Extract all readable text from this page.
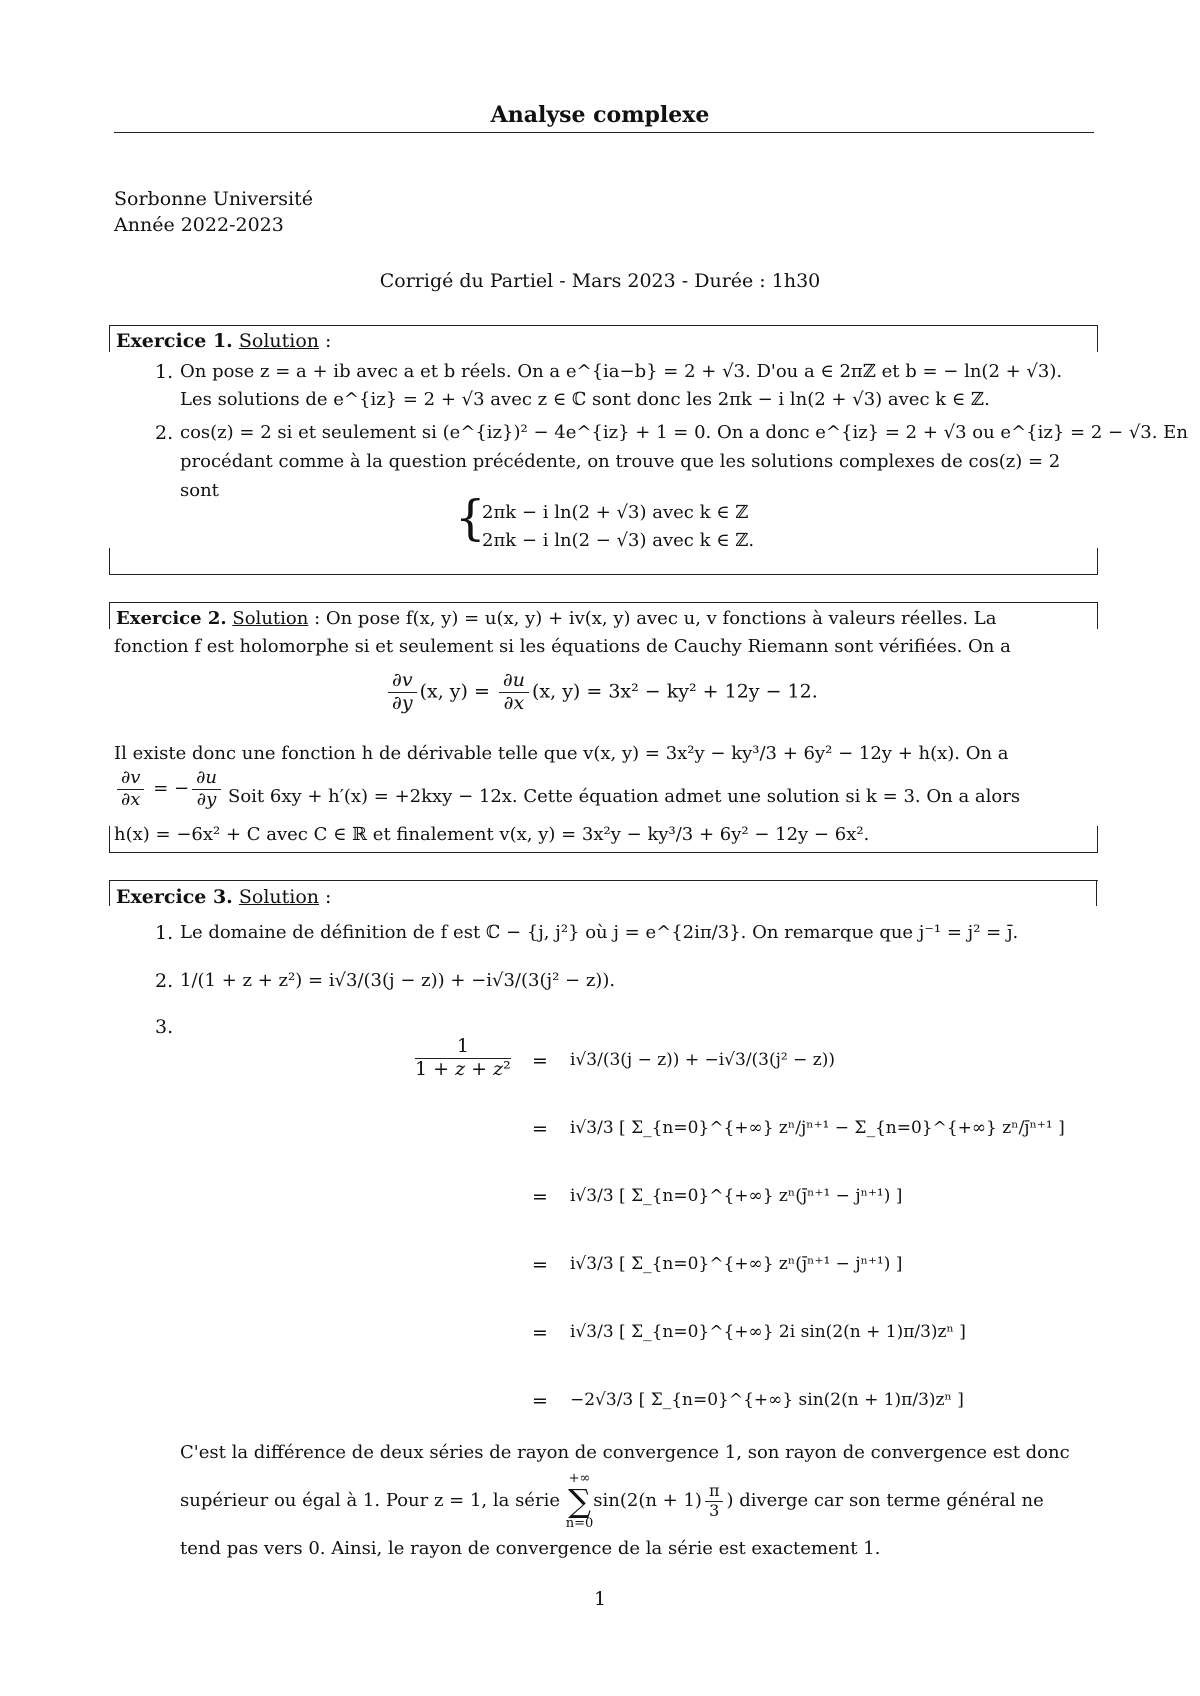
Analyse complexe
Sorbonne Université
Année 2022-2023
Corrigé du Partiel - Mars 2023 - Durée : 1h30
Exercice 1. Solution :
1. On pose z = a + ib avec a et b réels. On a e^{ia−b} = 2 + √3. D'ou a ∈ 2πℤ et b = − ln(2 + √3).
Les solutions de e^{iz} = 2 + √3 avec z ∈ ℂ sont donc les 2πk − i ln(2 + √3) avec k ∈ ℤ.
2. cos(z) = 2 si et seulement si (e^{iz})² − 4e^{iz} + 1 = 0. On a donc e^{iz} = 2 + √3 ou e^{iz} = 2 − √3. En
procédant comme à la question précédente, on trouve que les solutions complexes de cos(z) = 2
sont	{
2πk − i ln(2 + √3) avec k ∈ ℤ
2πk − i ln(2 − √3) avec k ∈ ℤ.
Exercice 2. Solution : On pose f(x, y) = u(x, y) + iv(x, y) avec u, v fonctions à valeurs réelles. La
fonction f est holomorphe si et seulement si les équations de Cauchy Riemann sont vérifiées. On a
$\frac{\partial v}{\partial y} (x$, $y) = \frac{\partial u}{\partial x} (x$, y) = 3x² − ky² + 12y − 12.
Il existe donc une fonction h de dérivable telle que v(x, y) = 3x²y − ky³/3 + 6y² − 12y + h(x). On a
$\frac{\partial v}{\partial x}$ = − $\frac{\partial u}{\partial y}$ Soit 6xy + h′(x) = +2kxy − 12x. Cette équation admet une solution si k = 3. On a alors
h(x) = −6x² + C avec C ∈ ℝ et finalement v(x, y) = 3x²y − ky³/3 + 6y² − 12y − 6x².
Exercice 3. Solution :
1. Le domaine de définition de f est ℂ − {j, j²} où j = e^{2iπ/3}. On remarque que j⁻¹ = j² = j̄.
2. 1/(1 + z + z²) = i√3/(3(j − z)) + −i√3/(3(j² − z)).
3.
$\frac{1}{\text{1 + z + z²}} = i√3/(3(j - z)) + -i√3/(3(j^2 - z))$
= i√3/3 [ Σ_{n=0}^{+∞} zⁿ/jⁿ⁺¹ − Σ_{n=0}^{+∞} zⁿ/j̄ⁿ⁺¹ ]
= i√3/3 [ Σ_{n=0}^{+∞} zⁿ(j̄ⁿ⁺¹ − jⁿ⁺¹) ]
= i√3/3 [ Σ_{n=0}^{+∞} zⁿ(j̄ⁿ⁺¹ − jⁿ⁺¹) ]
= i√3/3 [ Σ_{n=0}^{+∞} 2i sin(2(n + 1)π/3)zⁿ ]
= −2√3/3 [ Σ_{n=0}^{+∞} sin(2(n + 1)π/3)zⁿ ]
C'est la différence de deux séries de rayon de convergence 1, son rayon de convergence est donc
supérieur ou égal à 1. Pour z = 1, la série +∞
∑
$n=0\sin(2(n + 1) \frac{\pi}{3}$ ) diverge car son terme général ne
tend pas vers 0. Ainsi, le rayon de convergence de la série est exactement 1.
1
